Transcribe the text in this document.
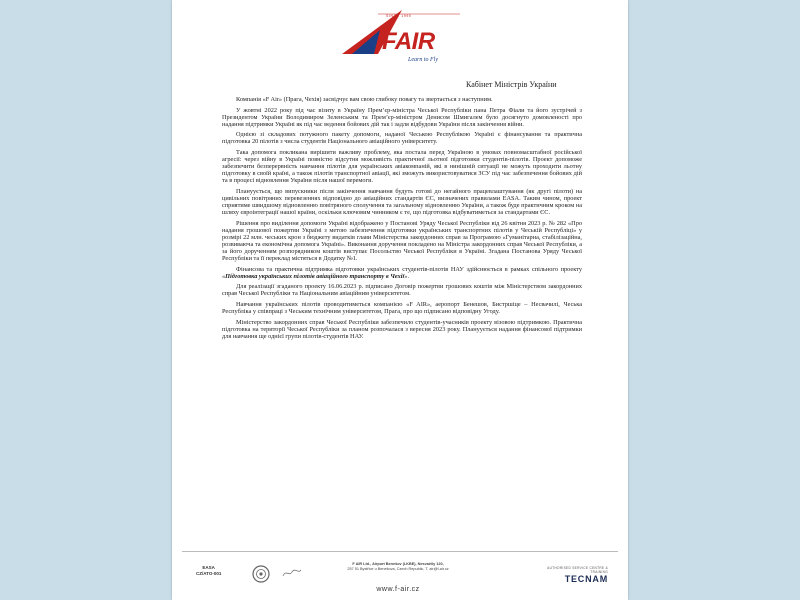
SINCE 1990
FAIR
Learn to Fly
Кабінет Міністрів України

Компанія «F Air» (Прага, Чехія) засвідчує вам свою глибоку повагу та звертається з наступним.

У жовтні 2022 року під час візиту в Україну Прем’єр-міністра Чеської Республіки пана Петра Фіали та його зустрічей з Президентом України Володимиром Зеленським та Прем’єр-міністром Денисом Шмигалем було досягнуто домовленості про надання підтримки Україні як під час ведення бойових дій так і задля відбудови України після закінчення війни.

Однією зі складових потужного пакету допомоги, наданої Чеською Республікою Україні є фінансування та практична підготовка 20 пілотів з числа студентів Національного авіаційного університету.

Така допомога покликана вирішити важливу проблему, яка постала перед Україною в умовах повномасштабної російської агресії: через війну в Україні повністю відсутня можливість практичної льотної підготовки студентів-пілотів. Проект допоможе забезпечити безперервність навчання пілотів для українських авіакомпаній, які в нинішній ситуації не можуть проходити льотну підготовку в своїй країні, а також пілотів транспортної авіації, які зможуть використовуватися ЗСУ під час забезпечення бойових дій та в процесі відновлення України після нашої перемоги.

Плануується, що випускники після закінчення навчання будуть готові до негайного працевлаштування (як другі пілоти) на цивільних повітряних перевезеннях відповідно до авіаційних стандартів ЄС, визначених правилами EASA. Таким чином, проект сприятиме швидшому відновленню повітряного сполучення та загальному відновленню України, а також буде практичним кроком на шляху євроінтеграції нашої країни, оскільки ключовим чинником є те, що підготовка відбуватиметься за стандартами ЄС.

Рішення про виділення допомоги Україні відображено у Постанові Уряду Чеської Республіки від 26 квітня 2023 р. № 282 «Про надання грошової пожертви Україні з метою забезпечення підготовки українських транспортних пілотів у Чеській Республіці» у розмірі 22 млн. чеських крон з бюджету видатків глави Міністерства закордонних справ за Програмою «Гуманітарна, стабілізаційна, розвиваюча та економічна допомога Україні». Виконання доручення покладено на Міністра закордонних справ Чеської Республіки, а за його дорученням розпорядником коштів виступає Посольство Чеської Республіки в Україні. Згадана Постанова Уряду Чеської Республіки та її переклад містяться в Додатку №1.

Фінансова та практична підтримка підготовки українських студентів-пілотів НАУ здійснюється в рамках спільного проекту «Підготовка українських пілотів авіаційного транспорту в Чехії».

Для реалізації згаданого проекту 16.06.2023 р. підписано Договір пожертви грошових коштів між Міністерством закордонних справ Чеської Республіки та Національним авіаційним університетом.

Навчання українських пілотів проводитиметься компанією «F AIR», аеропорт Бенешов, Бистршіце – Несвачилі, Чеська Республіка у співпраці з Чеським технічним університетом, Прага, про що підписано відповідну Угоду.

Міністерство закордонних справ Чеської Республіки забезпечило студентів-учасників проекту візовою підтримкою. Практична підготовка на території Чеської Республіки за планом розпочалася з вересня 2023 року. Плануується надання фінансової підтримки для навчання ще однієї групи пілотів-студентів НАУ.

EASA
CZ/ATO-001
F AIR Ltd., Airport Benešov (LKBE), Nesvačily 120,
257 51 Bystřice u Benešova, Czech Republic, T. air@f-air.cz
www.f-air.cz
AUTHORISED SERVICE CENTRE & TRAINING
TECNAM
